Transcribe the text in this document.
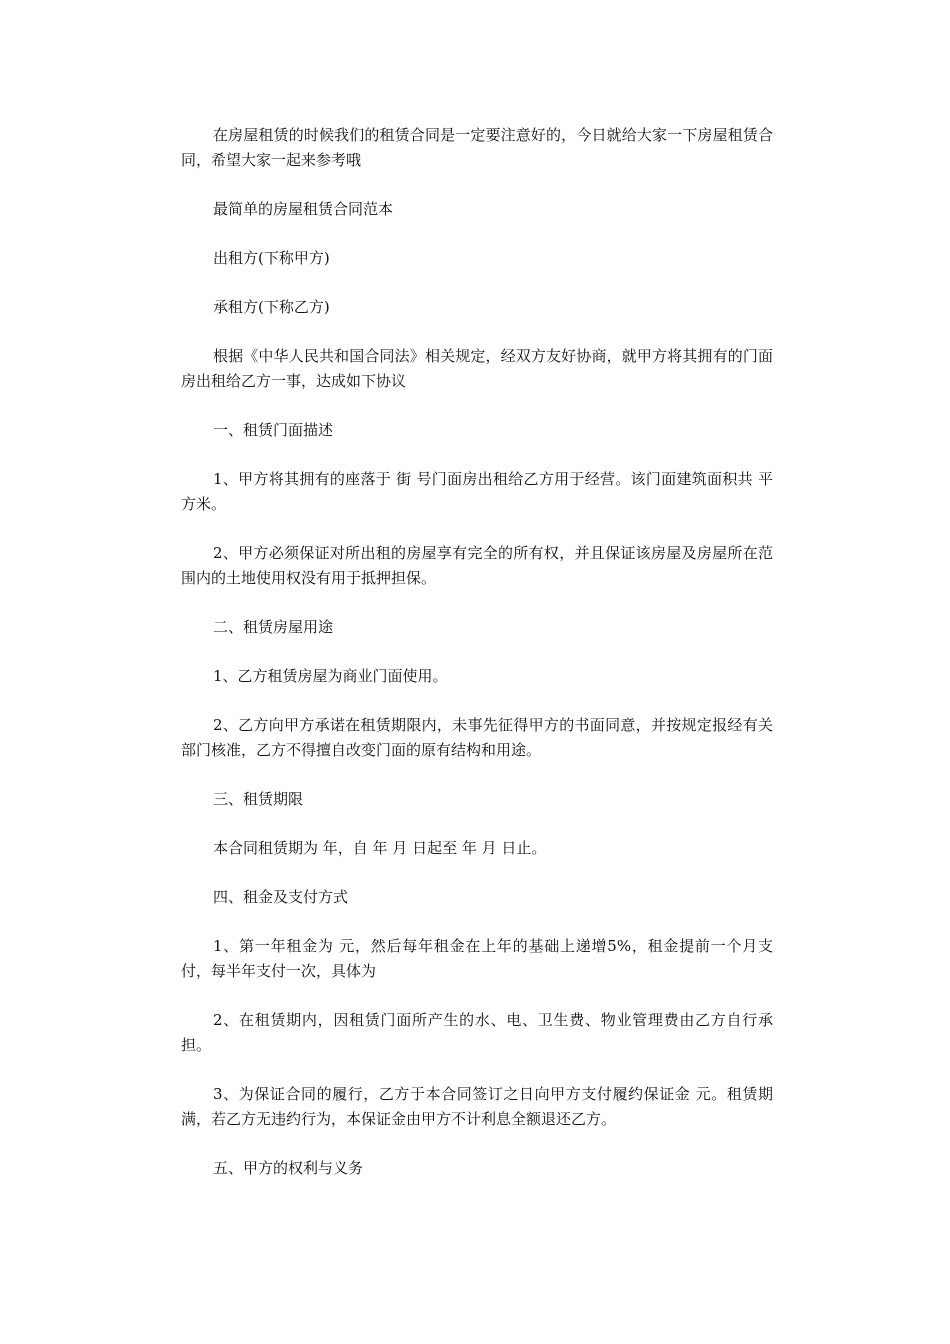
在房屋租赁的时候我们的租赁合同是一定要注意好的，今日就给大家一下房屋租赁合同，希望大家一起来参考哦

最简单的房屋租赁合同范本

出租方(下称甲方)

承租方(下称乙方)

根据《中华人民共和国合同法》相关规定，经双方友好协商，就甲方将其拥有的门面房出租给乙方一事，达成如下协议

一、租赁门面描述

1、甲方将其拥有的座落于 街 号门面房出租给乙方用于经营。该门面建筑面积共 平方米。

2、甲方必须保证对所出租的房屋享有完全的所有权，并且保证该房屋及房屋所在范围内的土地使用权没有用于抵押担保。

二、租赁房屋用途

1、乙方租赁房屋为商业门面使用。

2、乙方向甲方承诺在租赁期限内，未事先征得甲方的书面同意，并按规定报经有关部门核准，乙方不得擅自改变门面的原有结构和用途。

三、租赁期限

本合同租赁期为 年，自 年 月 日起至 年 月 日止。

四、租金及支付方式

1、第一年租金为 元，然后每年租金在上年的基础上递增5%，租金提前一个月支付，每半年支付一次，具体为

2、在租赁期内，因租赁门面所产生的水、电、卫生费、物业管理费由乙方自行承担。

3、为保证合同的履行，乙方于本合同签订之日向甲方支付履约保证金 元。租赁期满，若乙方无违约行为，本保证金由甲方不计利息全额退还乙方。

五、甲方的权利与义务
